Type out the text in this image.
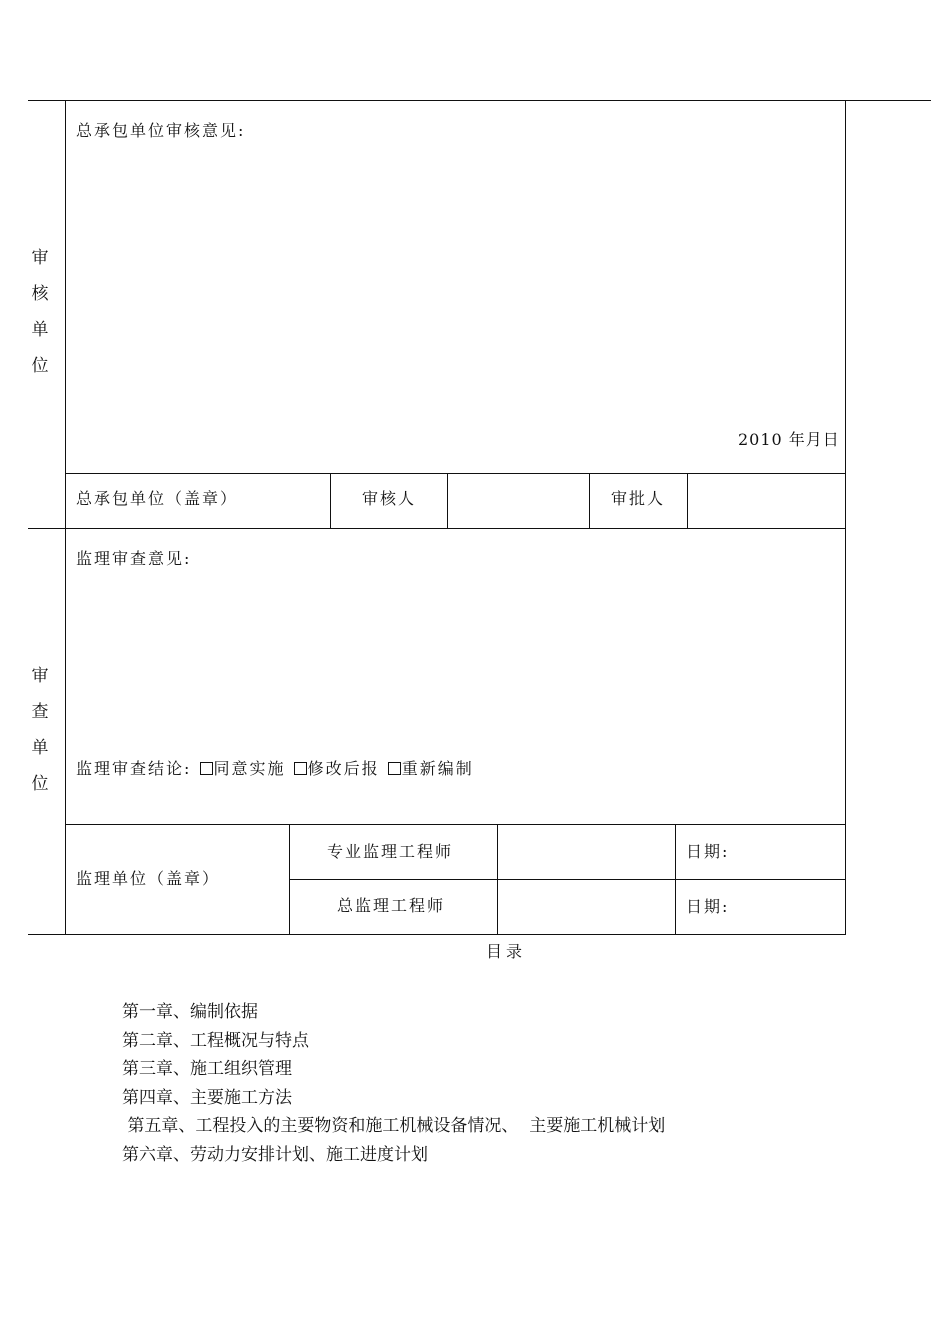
审
核
单
位
总承包单位审核意见:
2010 年月日
总承包单位（盖章）	审核人	审批人
审
查
单
位
监理审查意见:
监理审查结论: 同意实施 修改后报 重新编制
监理单位（盖章）
专业监理工程师	日期:
总监理工程师	日期:
目录
第一章、编制依据
第二章、工程概况与特点
第三章、施工组织管理
第四章、主要施工方法
第五章、工程投入的主要物资和施工机械设备情况、  主要施工机械计划
第六章、劳动力安排计划、施工进度计划
